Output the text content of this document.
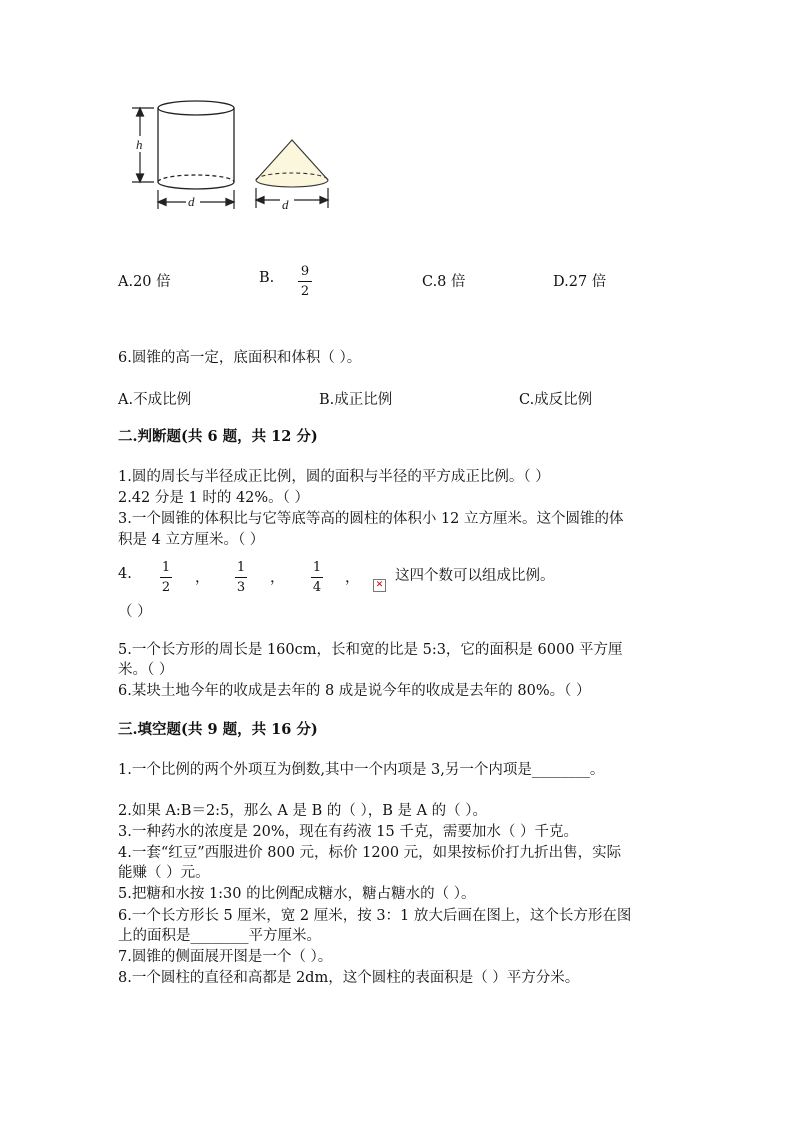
h
d	d
A.20 倍	B. 9
2
C.8 倍	D.27 倍
6.圆锥的高一定，底面积和体积（ ）。
A.不成比例	B.成正比例	C.成反比例
二.判断题(共 6 题，共 12 分)
1.圆的周长与半径成正比例，圆的面积与半径的平方成正比例。（ ）
2.42 分是 1 时的 42%。（ ）
3.一个圆锥的体积比与它等底等高的圆柱的体积小 12 立方厘米。这个圆锥的体
积是 4 立方厘米。（ ）
4. 1
2
，
1
3
，
1
4
，	✕
这四个数可以组成比例。
（ ）
5.一个长方形的周长是 160cm，长和宽的比是 5:3，它的面积是 6000 平方厘
米。（ ）
6.某块土地今年的收成是去年的 8 成是说今年的收成是去年的 80%。（ ）
三.填空题(共 9 题，共 16 分)
1.一个比例的两个外项互为倒数,其中一个内项是 3,另一个内项是________。
2.如果 A:B＝2:5，那么 A 是 B 的（ ），B 是 A 的（ ）。
3.一种药水的浓度是 20%，现在有药液 15 千克，需要加水（ ）千克。
4.一套“红豆”西服进价 800 元，标价 1200 元，如果按标价打九折出售，实际
能赚（ ）元。
5.把糖和水按 1:30 的比例配成糖水，糖占糖水的（ ）。
6.一个长方形长 5 厘米，宽 2 厘米，按 3：1 放大后画在图上，这个长方形在图
上的面积是________平方厘米。
7.圆锥的侧面展开图是一个（ ）。
8.一个圆柱的直径和高都是 2dm，这个圆柱的表面积是（ ）平方分米。
